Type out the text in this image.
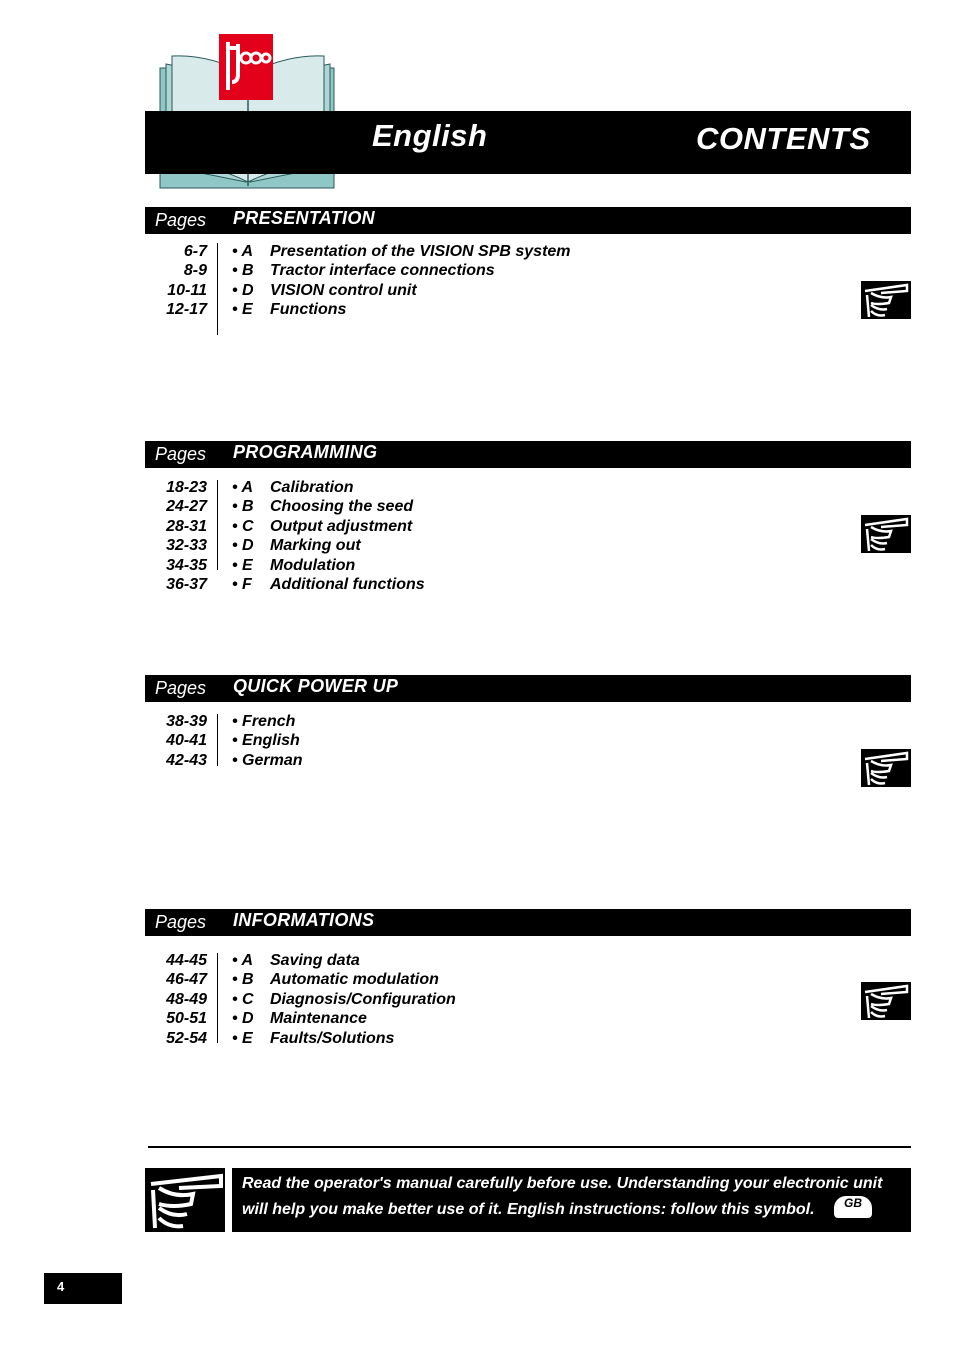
English	CONTENTS
Pages PRESENTATION
6-7 • A Presentation of the VISION SPB system
8-9 • B Tractor interface connections
10-11 • D VISION control unit
12-17 • E Functions
Pages PROGRAMMING
18-23 • A Calibration
24-27 • B Choosing the seed
28-31 • C Output adjustment
32-33 • D Marking out
34-35 • E Modulation
36-37 • F Additional functions
Pages QUICK POWER UP
38-39 • French
40-41 • English
42-43 • German
Pages INFORMATIONS
44-45 • A Saving data
46-47 • B Automatic modulation
48-49 • C Diagnosis/Configuration
50-51 • D Maintenance
52-54 • E Faults/Solutions
Read the operator's manual carefully before use. Understanding your electronic unit
will help you make better use of it. English instructions: follow this symbol. GB
4
